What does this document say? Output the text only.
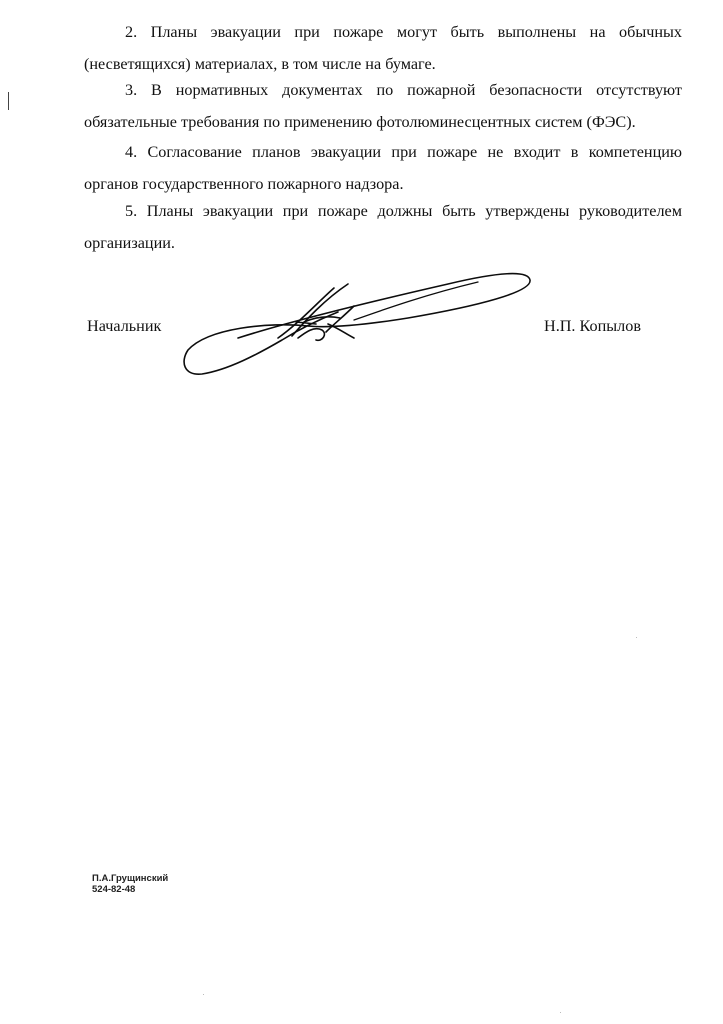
2. Планы эвакуации при пожаре могут быть выполнены на обычных
(несветящихся) материалах, в том числе на бумаге.

3. В нормативных документах по пожарной безопасности отсутствуют
обязательные требования по применению фотолюминесцентных систем (ФЭС).

4. Согласование планов эвакуации при пожаре не входит в компетенцию
органов государственного пожарного надзора.

5. Планы эвакуации при пожаре должны быть утверждены руководителем
организации.

Начальник	Н.П. Копылов
П.А.Грущинский
524-82-48
